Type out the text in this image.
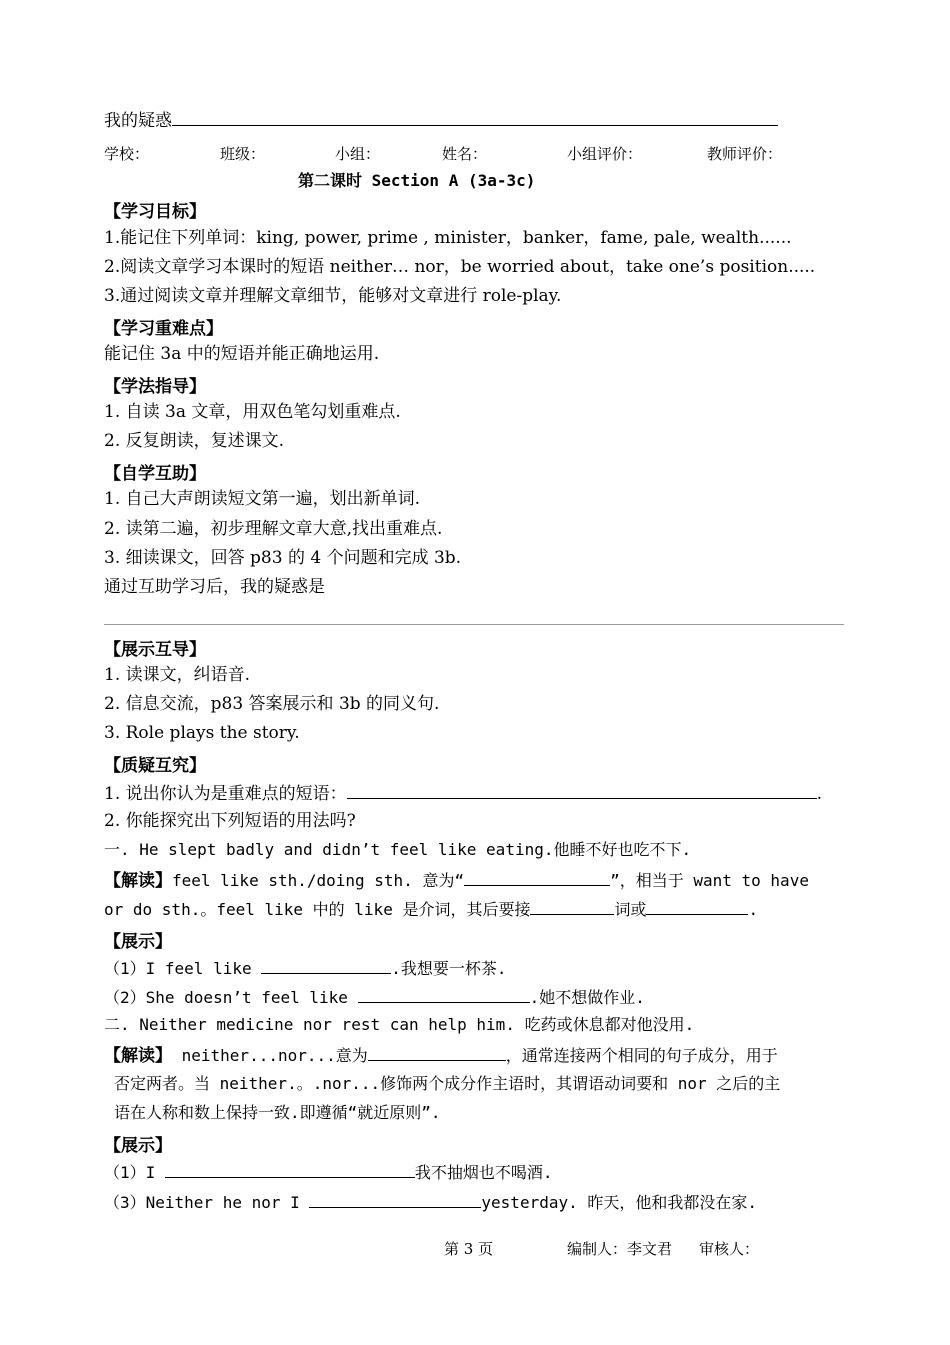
我的疑惑
学校：	班级：	小组：	姓名：	小组评价：	教师评价：
第二课时 Section A (3a-3c)
【学习目标】
1.能记住下列单词：king, power, prime , minister，banker，fame, pale, wealth......
2.阅读文章学习本课时的短语 neither… nor，be worried about，take one’s position.....
3.通过阅读文章并理解文章细节，能够对文章进行 role-play.
【学习重难点】
能记住 3a 中的短语并能正确地运用.
【学法指导】
1. 自读 3a 文章，用双色笔勾划重难点.
2. 反复朗读，复述课文.
【自学互助】
1. 自己大声朗读短文第一遍，划出新单词.
2. 读第二遍，初步理解文章大意,找出重难点.
3. 细读课文，回答 p83 的 4 个问题和完成 3b.
通过互助学习后，我的疑惑是
【展示互导】
1. 读课文，纠语音.
2. 信息交流，p83 答案展示和 3b 的同义句.
3. Role plays the story.
【质疑互究】
1. 说出你认为是重难点的短语：	.
2. 你能探究出下列短语的用法吗?
一. He slept badly and didn’t feel like eating.他睡不好也吃不下.
【解读】feel like sth./doing sth. 意为“	”，相当于 want to have
or do sth.。feel like 中的 like 是介词，其后要接	词或	.
【展示】
（1）I feel like	.我想要一杯茶.
（2）She doesn’t feel like	.她不想做作业.
二. Neither medicine nor rest can help him. 吃药或休息都对他没用.
【解读】 neither...nor...意为	，通常连接两个相同的句子成分，用于
否定两者。当 neither.。.nor...修饰两个成分作主语时，其谓语动词要和 nor 之后的主
语在人称和数上保持一致.即遵循“就近原则”.
【展示】
（1）I	我不抽烟也不喝酒.
（3）Neither he nor I	yesterday. 昨天，他和我都没在家.
第 3 页	编制人：李文君 审核人：
